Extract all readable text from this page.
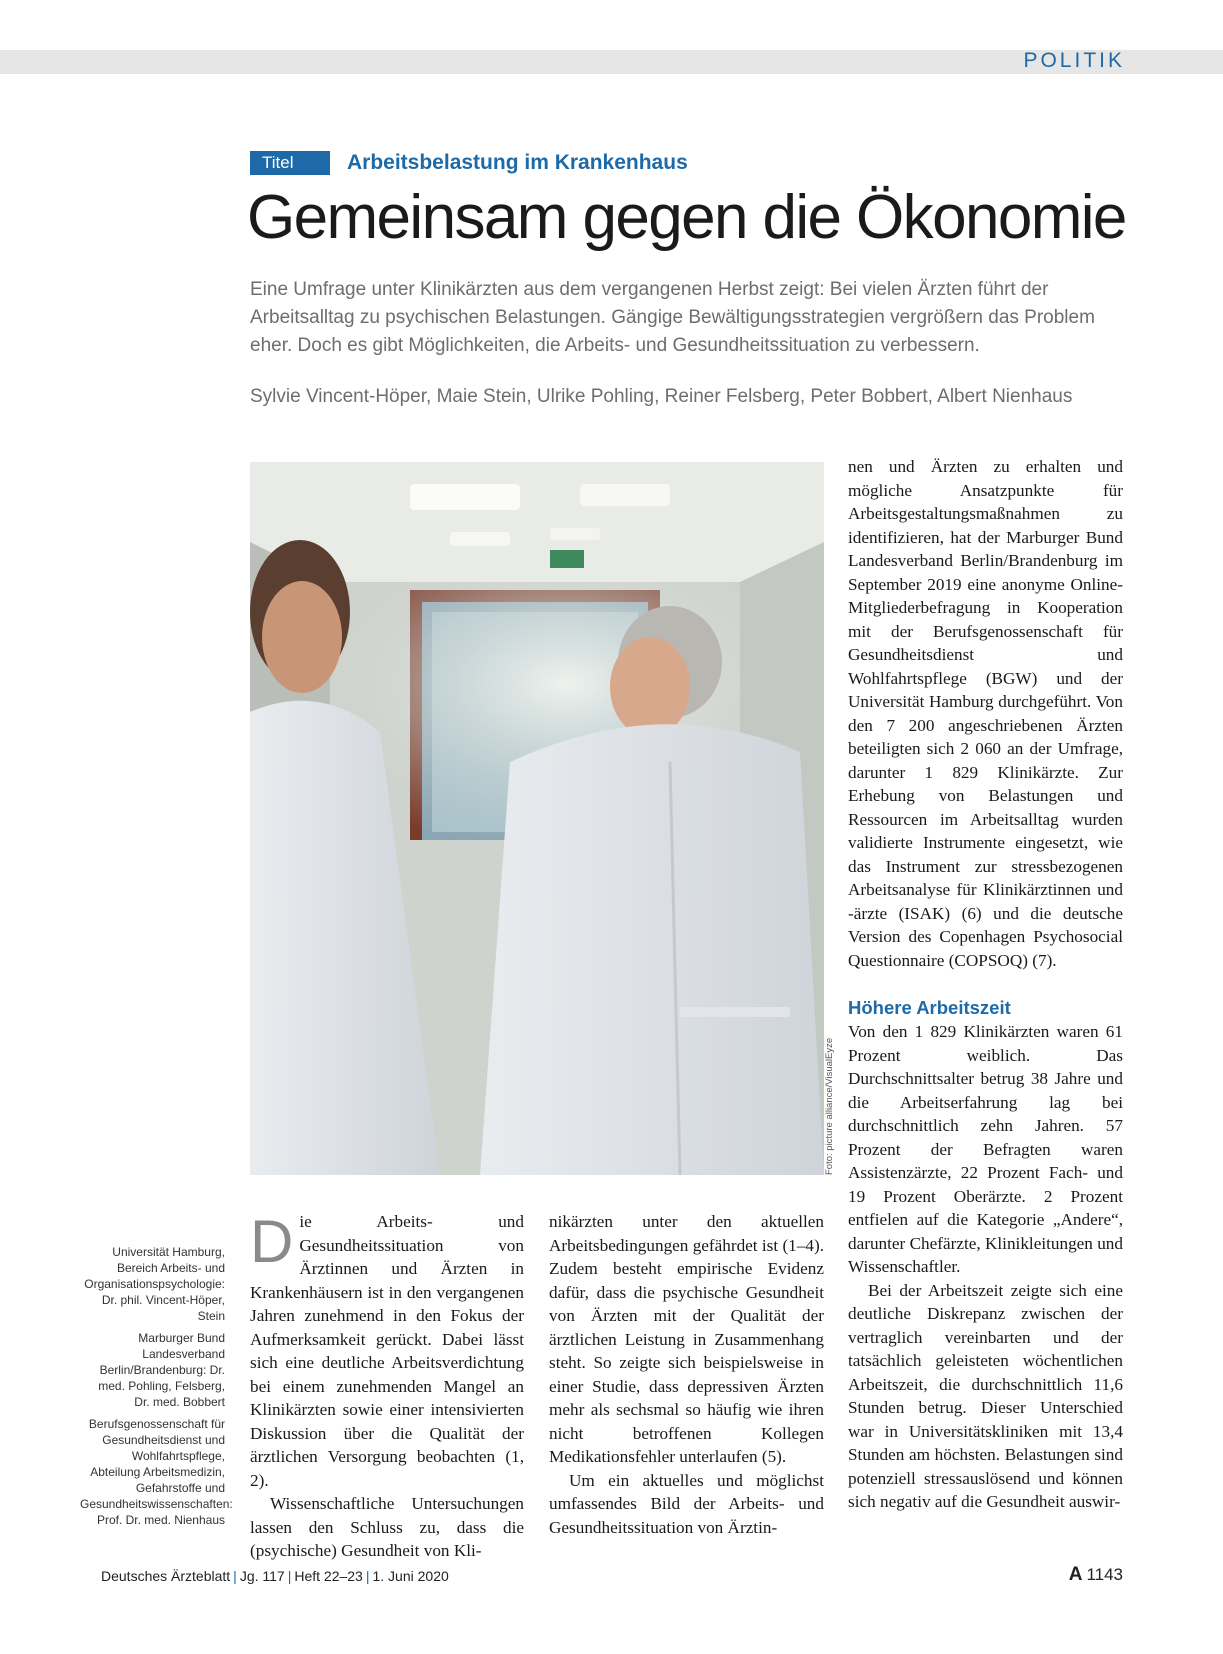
POLITIK
Titel	Arbeitsbelastung im Krankenhaus
Gemeinsam gegen die Ökonomie

Eine Umfrage unter Klinikärzten aus dem vergangenen Herbst zeigt: Bei vielen Ärzten führt der Arbeitsalltag zu psychischen Belastungen. Gängige Bewältigungsstrategien vergrößern das Problem eher. Doch es gibt Möglichkeiten, die Arbeits- und Gesundheitssituation zu verbessern.

Sylvie Vincent-Höper, Maie Stein, Ulrike Pohling, Reiner Felsberg, Peter Bobbert, Albert Nienhaus

Foto: picture alliance/VisualEyze

Die Arbeits- und Gesundheitssituation von Ärztinnen und Ärzten in Krankenhäusern ist in den vergangenen Jahren zunehmend in den Fokus der Aufmerksamkeit gerückt. Dabei lässt sich eine deutliche Arbeitsverdichtung bei einem zunehmenden Mangel an Klinikärzten sowie einer intensivierten Diskussion über die Qualität der ärztlichen Versorgung beobachten (1, 2).

Wissenschaftliche Untersuchungen lassen den Schluss zu, dass die (psychische) Gesundheit von Kli-

nikärzten unter den aktuellen Arbeitsbedingungen gefährdet ist (1–4). Zudem besteht empirische Evidenz dafür, dass die psychische Gesundheit von Ärzten mit der Qualität der ärztlichen Leistung in Zusammenhang steht. So zeigte sich beispielsweise in einer Studie, dass depressiven Ärzten mehr als sechsmal so häufig wie ihren nicht betroffenen Kollegen Medikationsfehler unterlaufen (5).

Um ein aktuelles und möglichst umfassendes Bild der Arbeits- und Gesundheitssituation von Ärztin-

nen und Ärzten zu erhalten und mögliche Ansatzpunkte für Arbeitsgestaltungsmaßnahmen zu identifizieren, hat der Marburger Bund Landesverband Berlin/Brandenburg im September 2019 eine anonyme Online-Mitgliederbefragung in Kooperation mit der Berufsgenossenschaft für Gesundheitsdienst und Wohlfahrtspflege (BGW) und der Universität Hamburg durchgeführt. Von den 7 200 angeschriebenen Ärzten beteiligten sich 2 060 an der Umfrage, darunter 1 829 Klinikärzte. Zur Erhebung von Belastungen und Ressourcen im Arbeitsalltag wurden validierte Instrumente eingesetzt, wie das Instrument zur stressbezogenen Arbeitsanalyse für Klinikärztinnen und -ärzte (ISAK) (6) und die deutsche Version des Copenhagen Psychosocial Questionnaire (COPSOQ) (7).

Höhere Arbeitszeit

Von den 1 829 Klinikärzten waren 61 Prozent weiblich. Das Durchschnittsalter betrug 38 Jahre und die Arbeitserfahrung lag bei durchschnittlich zehn Jahren. 57 Prozent der Befragten waren Assistenzärzte, 22 Prozent Fach- und 19 Prozent Oberärzte. 2 Prozent entfielen auf die Kategorie „Andere“, darunter Chefärzte, Klinikleitungen und Wissenschaftler.

Bei der Arbeitszeit zeigte sich eine deutliche Diskrepanz zwischen der vertraglich vereinbarten und der tatsächlich geleisteten wöchentlichen Arbeitszeit, die durchschnittlich 11,6 Stunden betrug. Dieser Unterschied war in Universitätskliniken mit 13,4 Stunden am höchsten. Belastungen sind potenziell stressauslösend und können sich negativ auf die Gesundheit auswir-

Universität Hamburg, Bereich Arbeits- und Organisationspsychologie: Dr. phil. Vincent-Höper, Stein

Marburger Bund Landesverband Berlin/Brandenburg: Dr. med. Pohling, Felsberg, Dr. med. Bobbert

Berufsgenossenschaft für Gesundheitsdienst und Wohlfahrtspflege, Abteilung Arbeitsmedizin, Gefahrstoffe und Gesundheitswissenschaften: Prof. Dr. med. Nienhaus

Deutsches Ärzteblatt | Jg. 117 | Heft 22–23 | 1. Juni 2020	A 1143
